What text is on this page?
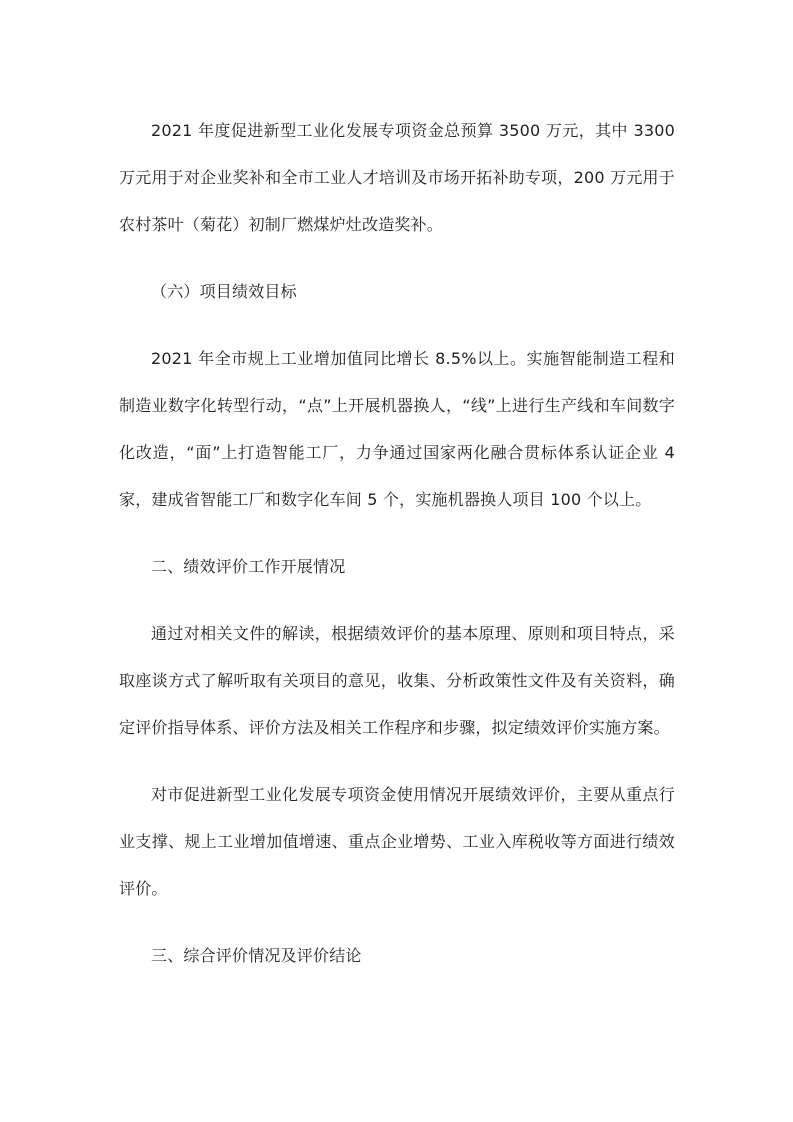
2021 年度促进新型工业化发展专项资金总预算 3500 万元，其中 3300 万元用于对企业奖补和全市工业人才培训及市场开拓补助专项，200 万元用于农村茶叶（菊花）初制厂燃煤炉灶改造奖补。

（六）项目绩效目标

2021 年全市规上工业增加值同比增长 8.5%以上。实施智能制造工程和制造业数字化转型行动，“点”上开展机器换人，“线”上进行生产线和车间数字化改造，“面”上打造智能工厂，力争通过国家两化融合贯标体系认证企业 4 家，建成省智能工厂和数字化车间 5 个，实施机器换人项目 100 个以上。

二、绩效评价工作开展情况

通过对相关文件的解读，根据绩效评价的基本原理、原则和项目特点，采取座谈方式了解听取有关项目的意见，收集、分析政策性文件及有关资料，确定评价指导体系、评价方法及相关工作程序和步骤，拟定绩效评价实施方案。

对市促进新型工业化发展专项资金使用情况开展绩效评价，主要从重点行业支撑、规上工业增加值增速、重点企业增势、工业入库税收等方面进行绩效评价。

三、综合评价情况及评价结论
